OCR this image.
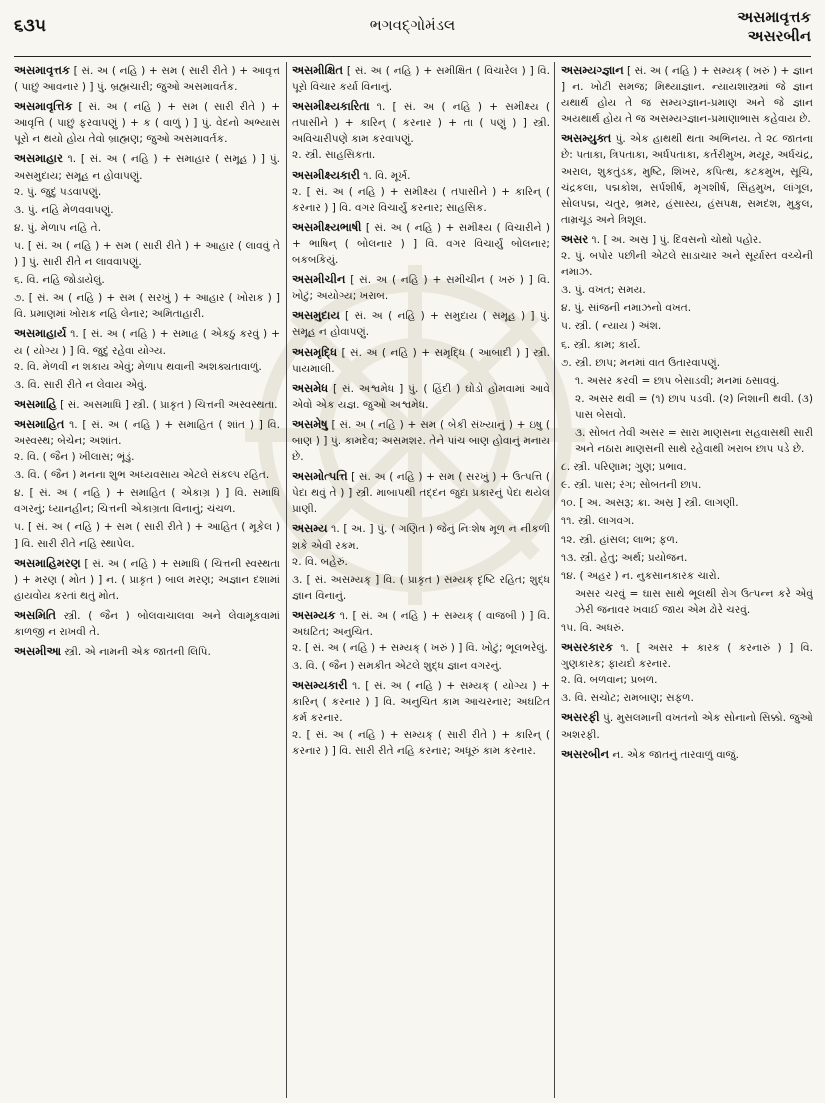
૬૩૫	ભગવદ્ગોમંડલ	અસમાવૃત્તક
અસરબીન

અસમાવૃત્તક [ સં. અ ( નહિ ) + સમ ( સારી રીતે ) + આવૃત્ત ( પાછું આવનાર ) ] પું. બ્રહ્મચારી; જુઓ અસમાવર્તક.

અસમાવૃત્તિક [ સં. અ ( નહિ ) + સમ ( સારી રીતે ) + આવૃત્તિ ( પાછું ફરવાપણું ) + ક ( વાળું ) ] પું. વેદનો અભ્યાસ પૂરો ન થયો હોય તેવો બ્રાહ્મણ; જુઓ અસમાવર્તક.

અસમાહાર ૧. [ સં. અ ( નહિ ) + સમાહાર ( સમૂહ ) ] પું. અસમુદાય; સમૂહ ન હોવાપણું.

૨. પું. જુદું પડવાપણું.
૩. પું. નહિ મેળવવાપણું.
૪. પું. મેળાપ નહિ તે.
૫. [ સં. અ ( નહિ ) + સમ ( સારી રીતે ) + આહાર ( લાવવું તે ) ] પું. સારી રીતે ન લાવવાપણું.
૬. વિ. નહિ જોડાયેલું.
૭. [ સં. અ ( નહિ ) + સમ ( સરખું ) + આહાર ( ખોરાક ) ] વિ. પ્રમાણમાં ખોરાક નહિ લેનાર; અમિતાહારી.

અસમાહાર્ય ૧. [ સં. અ ( નહિ ) + સમાહૃ ( એકઠું કરવું ) + ય ( યોગ્ય ) ] વિ. જુદું રહેવા યોગ્ય.

૨. વિ. મેળવી ન શકાય એવું; મેળાપ થવાની અશક્યતાવાળું.
૩. વિ. સારી રીતે ન લેવાય એવું.

અસમાહિ [ સં. અસમાધિ ] સ્ત્રી. ( પ્રાકૃત ) ચિત્તની અસ્વસ્થતા.

અસમાહિત ૧. [ સં. અ ( નહિ ) + સમાહિત ( શાંત ) ] વિ. અસ્વસ્થ; બેચેન; અશાંત.

૨. વિ. ( જૈન ) ખીલાસ; ભૂંડું.
૩. વિ. ( જૈન ) મનના શુભ અધ્યવસાય એટલે સંકલ્પ રહિત.
૪. [ સં. અ ( નહિ ) + સમાહિત ( એકાગ્ર ) ] વિ. સમાધિ વગરનું; ધ્યાનહીન; ચિત્તની એકાગ્રતા વિનાનું; ચંચળ.
૫. [ સં. અ ( નહિ ) + સમ ( સારી રીતે ) + આહિત ( મૂકેલ ) ] વિ. સારી રીતે નહિ સ્થાપેલ.

અસમાહિમરણ [ સં. અ ( નહિ ) + સમાધિ ( ચિત્તની સ્વસ્થતા ) + મરણ ( મોત ) ] ન. ( પ્રાકૃત ) બાલ મરણ; અજ્ઞાન દશામાં હાયવોય કરતાં થતું મોત.

અસમિતિ સ્ત્રી. ( જૈન ) બોલવાચાલવા અને લેવામૂકવામાં કાળજી ન રાખવી તે.

અસમીઆ સ્ત્રી. એ નામની એક જાતની લિપિ.

અસમીક્ષિત [ સં. અ ( નહિ ) + સમીક્ષિત ( વિચારેલ ) ] વિ. પૂરો વિચાર કર્યા વિનાનું.

અસમીક્ષ્યકારિતા ૧. [ સં. અ ( નહિ ) + સમીક્ષ્ય ( તપાસીને ) + કારિન્ ( કરનાર ) + તા ( પણું ) ] સ્ત્રી. અવિચારીપણે કામ કરવાપણું.

૨. સ્ત્રી. સાહસિકતા.

અસમીક્ષ્યકારી ૧. વિ. મૂર્ખ.

૨. [ સં. અ ( નહિ ) + સમીક્ષ્ય ( તપાસીને ) + કારિન્ ( કરનાર ) ] વિ. વગર વિચાર્યું કરનાર; સાહસિક.

અસમીક્ષ્યભાષી [ સં. અ ( નહિ ) + સમીક્ષ્ય ( વિચારીને ) + ભાષિન્ ( બોલનાર ) ] વિ. વગર વિચાર્યું બોલનાર; બકબકિયું.

અસમીચીન [ સં. અ ( નહિ ) + સમીચીન ( ખરું ) ] વિ. ખોટું; અયોગ્ય; ખરાબ.

અસમુદાય [ સં. અ ( નહિ ) + સમુદાય ( સમૂહ ) ] પું. સમૂહ ન હોવાપણું.

અસમૃદ્ધિ [ સં. અ ( નહિ ) + સમૃદ્ધિ ( આબાદી ) ] સ્ત્રી. પાયમાલી.

અસમેધ [ સં. અશ્વમેધ ] પું. ( હિંદી ) ઘોડો હોમવામાં આવે એવો એક યજ્ઞ. જુઓ અશ્વમેધ.

અસમેષુ [ સં. અ ( નહિ ) + સમ ( બેકી સંખ્યાનું ) + ઇષુ ( બાણ ) ] પું. કામદેવ; અસમશર. તેને પાંચ બાણ હોવાનું મનાય છે.

અસમોત્પત્તિ [ સં. અ ( નહિ ) + સમ ( સરખું ) + ઉત્પત્તિ ( પેદા થવું તે ) ] સ્ત્રી. માબાપથી તદ્દન જુદા પ્રકારનું પેદા થયેલ પ્રાણી.

અસમ્ય ૧. [ અ. ] પું. ( ગણિત ) જેનું નિઃશેષ મૂળ ન નીકળી શકે એવી રકમ.

૨. વિ. બહેરું.
૩. [ સં. અસમ્યક્ ] વિ. ( પ્રાકૃત ) સમ્યક્ દૃષ્ટિ રહિત; શુદ્ધ જ્ઞાન વિનાનું.

અસમ્યક ૧. [ સં. અ ( નહિ ) + સમ્યક્ ( વાજબી ) ] વિ. અઘટિત; અનુચિત.

૨. [ સં. અ ( નહિ ) + સમ્યક્ ( ખરું ) ] વિ. ખોટું; ભૂલભરેલું.
૩. વિ. ( જૈન ) સમકીત એટલે શુદ્ધ જ્ઞાન વગરનું.

અસમ્યકારી ૧. [ સં. અ ( નહિ ) + સમ્યક્ ( યોગ્ય ) + કારિન્ ( કરનાર ) ] વિ. અનુચિત કામ આચરનાર; અઘટિત કર્મ કરનાર.

૨. [ સં. અ ( નહિ ) + સમ્યક્ ( સારી રીતે ) + કારિન્ ( કરનાર ) ] વિ. સારી રીતે નહિ કરનાર; અધૂરું કામ કરનાર.

અસમ્યગ્જ્ઞાન [ સં. અ ( નહિ ) + સમ્યક્ ( ખરું ) + જ્ઞાન ] ન. ખોટી સમજ; મિથ્યાજ્ઞાન. ન્યાયશાસ્ત્રમાં જે જ્ઞાન યથાર્થ હોય તે જ સમ્યગ્જ્ઞાન-પ્રમાણ અને જે જ્ઞાન અયથાર્થ હોય તે જ અસમ્યગ્જ્ઞાન-પ્રમાણાભાસ કહેવાય છે.

અસમ્યુક્ત પું. એક હાથથી થતા અભિનય. તે ૨૮ જાતના છે: પતાકા, ત્રિપતાકા, અર્ધપતાકા, કર્તરીમુખ, મયૂર, અર્ધચંદ્ર, અરાલ, શુકતુંડક, મુષ્ટિ, શિખર, કપિત્થ, કટકમુખ, સૂચિ, ચંદ્રકલા, પદ્મકોશ, સર્પશીર્ષ, મૃગશીર્ષ, સિંહમુખ, લાંગૂલ, સોલપદ્મ, ચતુર, ભ્રમર, હંસાસ્ય, હંસપક્ષ, સમદંશ, મુકુલ, તામ્રચૂડ અને ત્રિશૂલ.

અસર ૧. [ અ. અસ્ર ] પું. દિવસનો ચોથો પહોર.

૨. પું. બપોર પછીની એટલે સાડાચાર અને સૂર્યાસ્ત વચ્ચેની નમાઝ.
૩. પું. વખત; સમય.
૪. પું. સાંજની નમાઝનો વખત.
૫. સ્ત્રી. ( ન્યાય ) અંશ.
૬. સ્ત્રી. કામ; કાર્ય.
૭. સ્ત્રી. છાપ; મનમાં વાત ઉતારવાપણું.
૧. અસર કરવી = છાપ બેસાડવી; મનમાં ઠસાવવું.
૨. અસર થવી = (૧) છાપ પડવી. (૨) નિશાની થવી. (૩) પાસ બેસવો.
૩. સોબત તેવી અસર = સારા માણસના સહવાસથી સારી અને નઠારા માણસની સાથે રહેવાથી ખરાબ છાપ પડે છે.
૮. સ્ત્રી. પરિણામ; ગુણ; પ્રભાવ.
૯. સ્ત્રી. પાસ; રંગ; સોબતની છાપ.
૧૦. [ અ. અસરૂ; ક્રા. અસ્ર ] સ્ત્રી. લાગણી.
૧૧. સ્ત્રી. લાગવગ.
૧૨. સ્ત્રી. હાંસલ; લાભ; ફળ.
૧૩. સ્ત્રી. હેતુ; અર્થ; પ્રયોજન.
૧૪. ( અહર ) ન. નુકસાનકારક ચારો.
અસર ચરવું = ઘાસ સાથે ભૂલથી રોગ ઉત્પન્ન કરે એવું ઝેરી જનાવર ખવાઈ જાય એમ ઢોરે ચરવું.
૧૫. વિ. અધરું.

અસરકારક ૧. [ અસર + કારક ( કરનારું ) ] વિ. ગુણકારક; ફાયદો કરનાર.

૨. વિ. બળવાન; પ્રબળ.
૩. વિ. સચોટ; રામબાણ; સફળ.

અસરફી પું. મુસલમાની વખતનો એક સોનાનો સિક્કો. જુઓ અશરફી.

અસરબીન ન. એક જાતનું તારવાળું વાજું.
